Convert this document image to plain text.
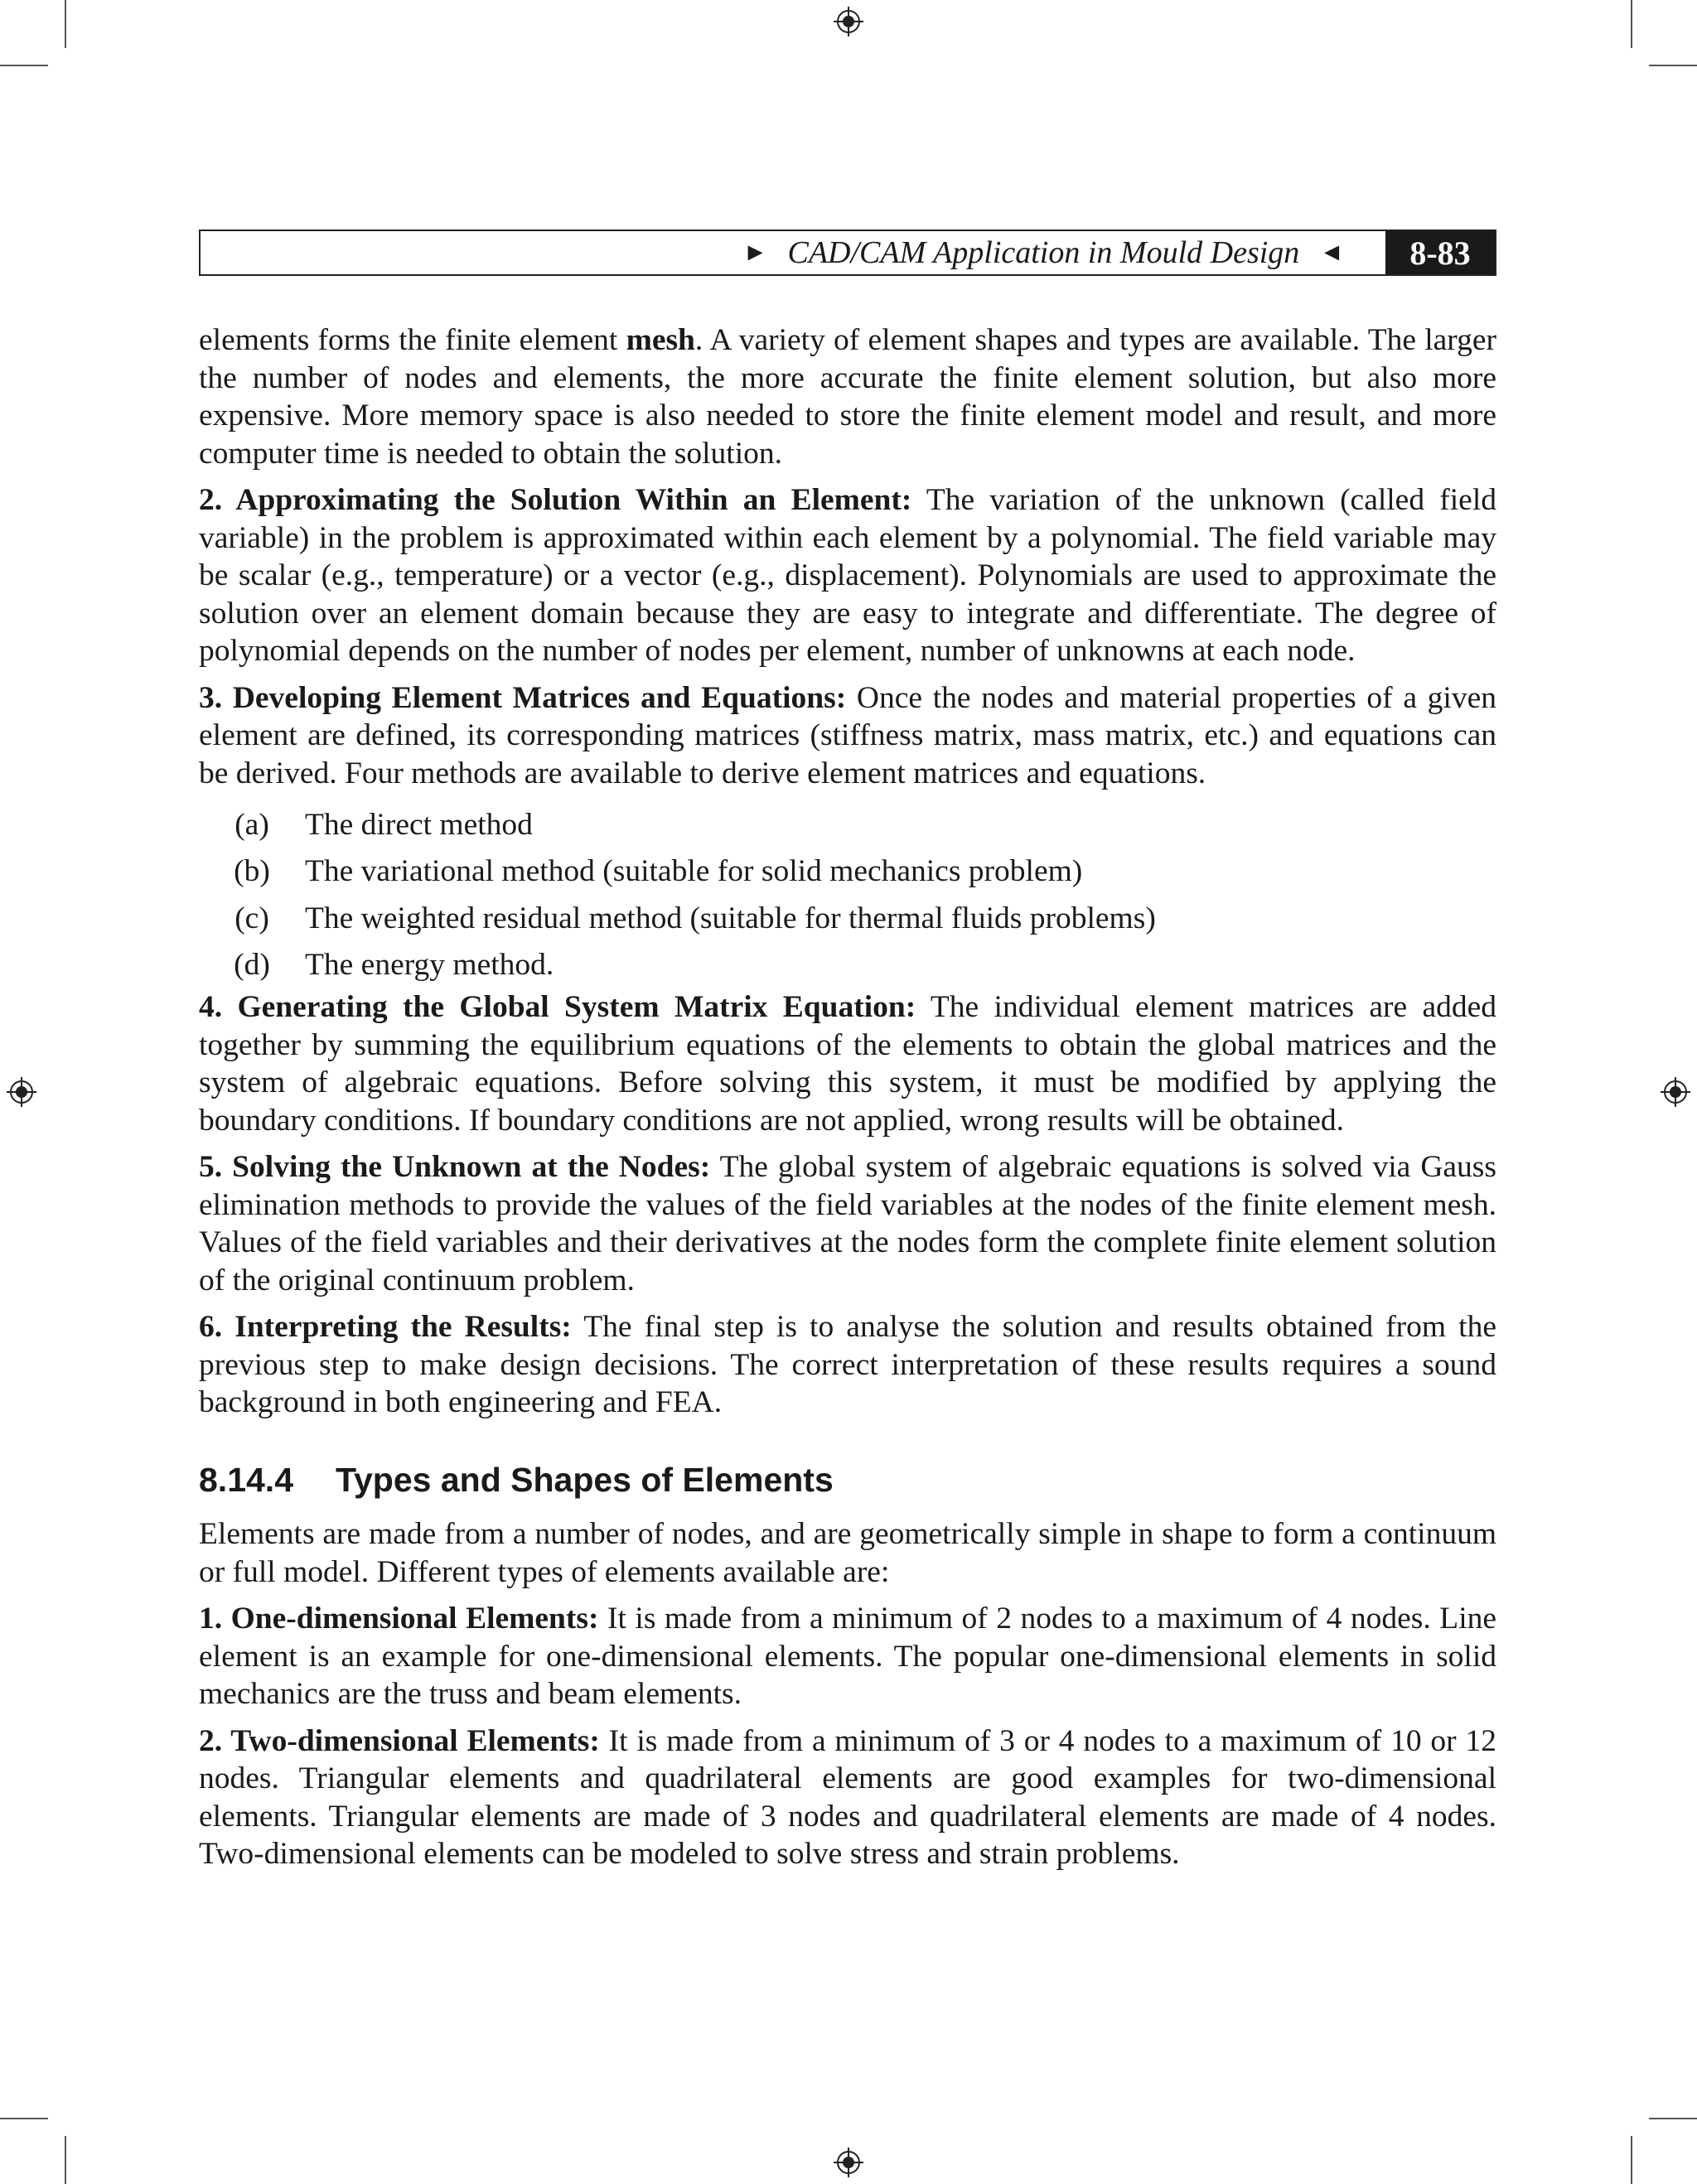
► CAD/CAM Application in Mould Design ◄	8-83

elements forms the finite element mesh. A variety of element shapes and types are available. The larger the number of nodes and elements, the more accurate the finite element solution, but also more expensive. More memory space is also needed to store the finite element model and result, and more computer time is needed to obtain the solution.

2. Approximating the Solution Within an Element: The variation of the unknown (called field variable) in the problem is approximated within each element by a polynomial. The field variable may be scalar (e.g., temperature) or a vector (e.g., displacement). Polynomials are used to approximate the solution over an element domain because they are easy to integrate and differentiate. The degree of polynomial depends on the number of nodes per element, number of unknowns at each node.

3. Developing Element Matrices and Equations: Once the nodes and material properties of a given element are defined, its corresponding matrices (stiffness matrix, mass matrix, etc.) and equations can be derived. Four methods are available to derive element matrices and equations.

(a)	The direct method
(b)	The variational method (suitable for solid mechanics problem)
(c)	The weighted residual method (suitable for thermal fluids problems)
(d)	The energy method.

4. Generating the Global System Matrix Equation: The individual element matrices are added together by summing the equilibrium equations of the elements to obtain the global matrices and the system of algebraic equations. Before solving this system, it must be modified by applying the boundary conditions. If boundary conditions are not applied, wrong results will be obtained.

5. Solving the Unknown at the Nodes: The global system of algebraic equations is solved via Gauss elimination methods to provide the values of the field variables at the nodes of the finite element mesh. Values of the field variables and their derivatives at the nodes form the complete finite element solution of the original continuum problem.

6. Interpreting the Results: The final step is to analyse the solution and results obtained from the previous step to make design decisions. The correct interpretation of these results requires a sound background in both engineering and FEA.

8.14.4	Types and Shapes of Elements

Elements are made from a number of nodes, and are geometrically simple in shape to form a continuum or full model. Different types of elements available are:

1. One-dimensional Elements: It is made from a minimum of 2 nodes to a maximum of 4 nodes. Line element is an example for one-dimensional elements. The popular one-dimensional elements in solid mechanics are the truss and beam elements.

2. Two-dimensional Elements: It is made from a minimum of 3 or 4 nodes to a maximum of 10 or 12 nodes. Triangular elements and quadrilateral elements are good examples for two-dimensional elements. Triangular elements are made of 3 nodes and quadrilateral elements are made of 4 nodes. Two-dimensional elements can be modeled to solve stress and strain problems.
